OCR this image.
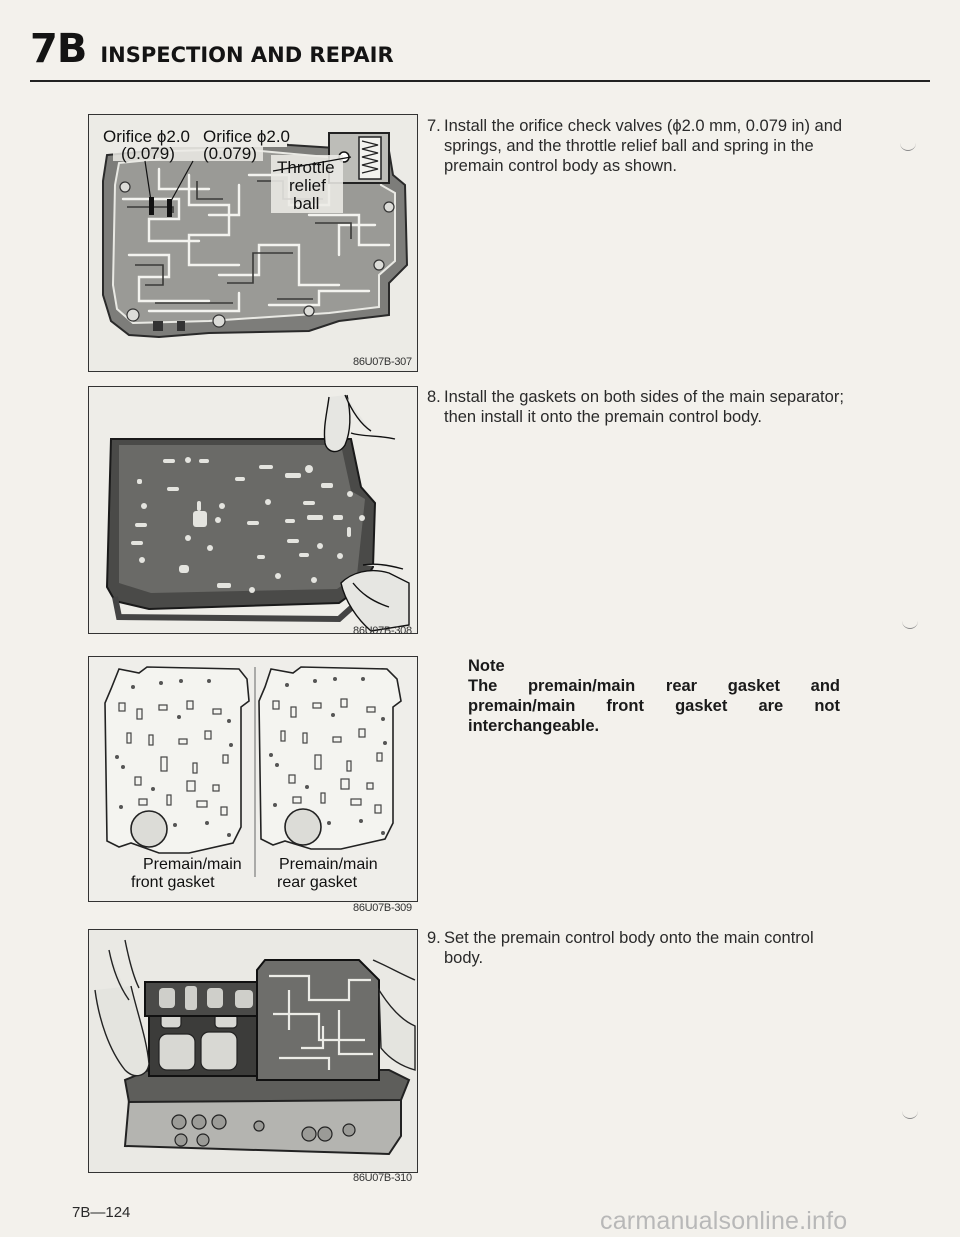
7B INSPECTION AND REPAIR
Orifice ϕ2.0 Orifice ϕ2.0
(0.079) (0.079)
Throttle
relief
ball
86U07B-307
86U07B-308
Premain/main
front gasket
Premain/main
rear gasket
86U07B-309
86U07B-310
7. Install the orifice check valves (ϕ2.0 mm, 0.079 in) and springs, and the throttle relief ball and spring in the premain control body as shown.
8. Install the gaskets on both sides of the main separator; then install it onto the premain control body.
Note
The premain/main rear gasket and premain/main front gasket are not interchangeable.
9. Set the premain control body onto the main control body.
7B—124	carmanualsonline.info
